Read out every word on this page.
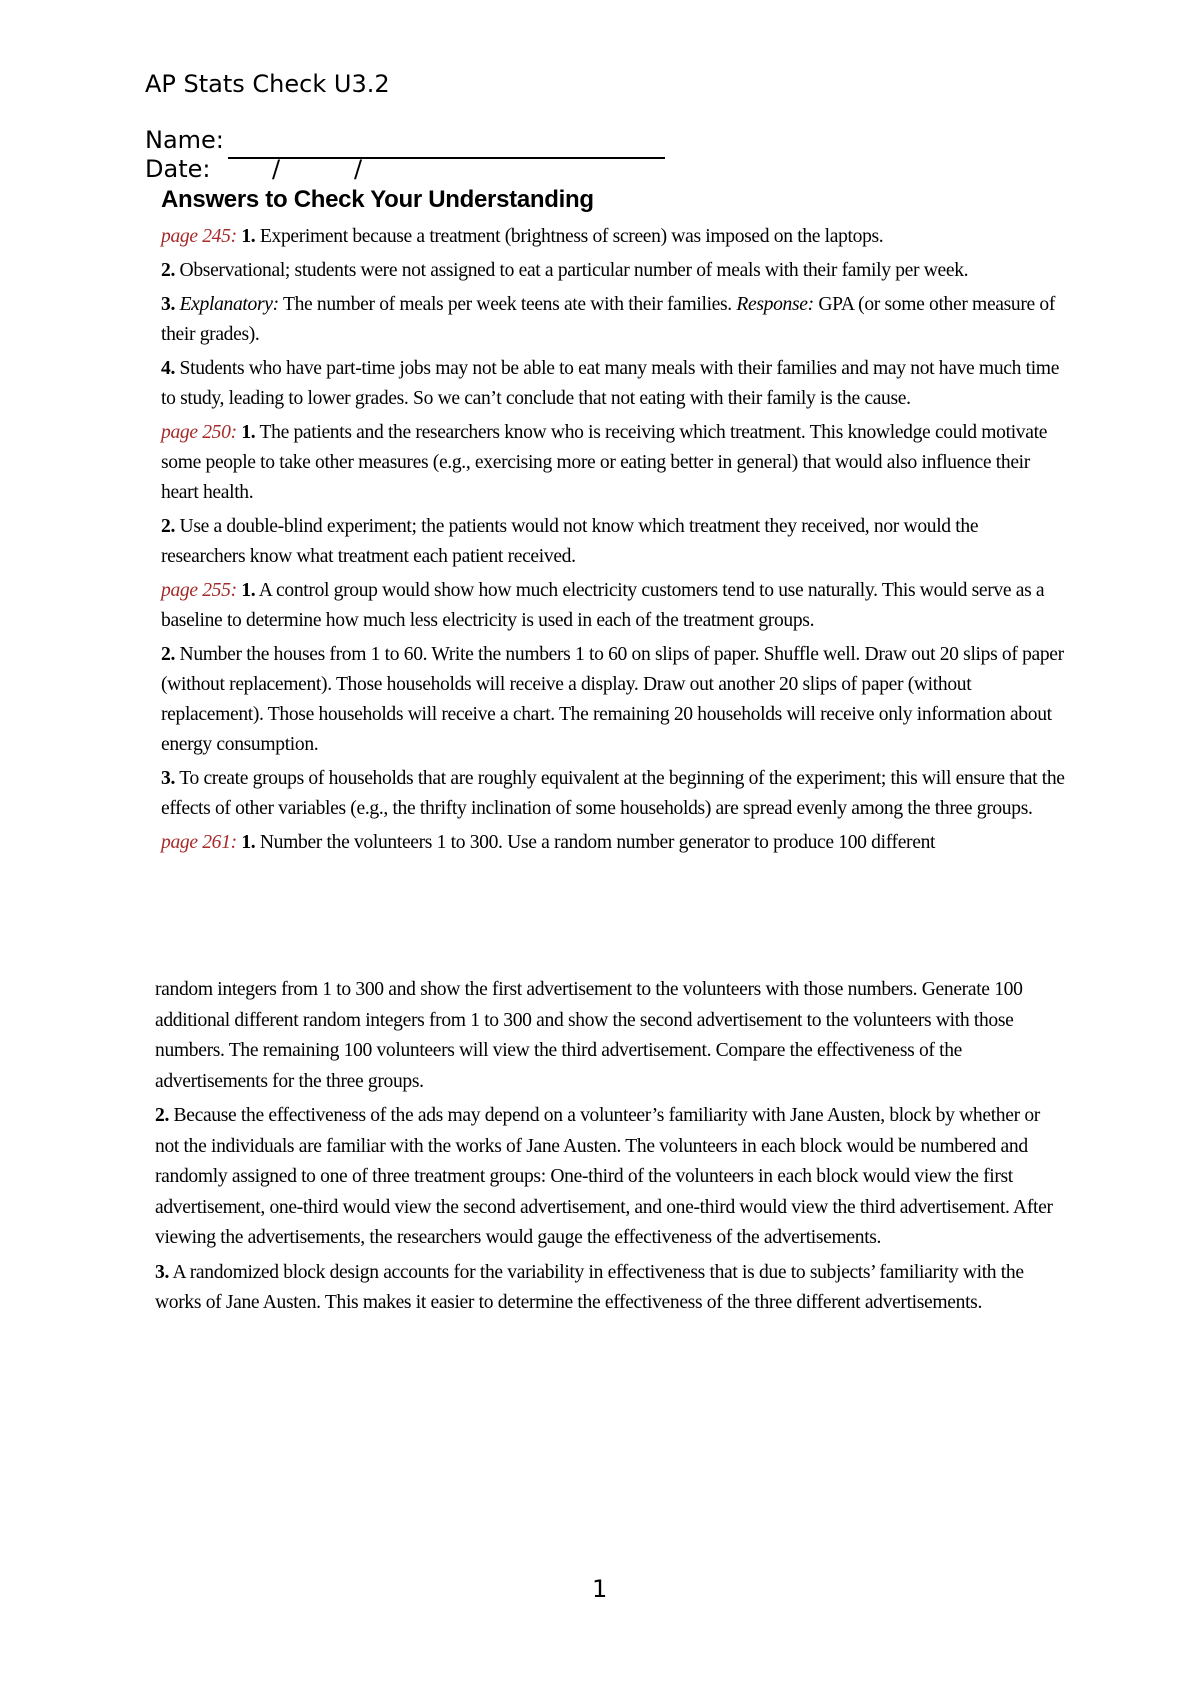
AP Stats Check U3.2
Name:
Date:	/	/
Answers to Check Your Understanding

page 245: 1. Experiment because a treatment (brightness of screen) was imposed on the laptops.

2. Observational; students were not assigned to eat a particular number of meals with their family per week.

3. Explanatory: The number of meals per week teens ate with their families. Response: GPA (or some other measure of their grades).

4. Students who have part-time jobs may not be able to eat many meals with their families and may not have much time to study, leading to lower grades. So we can’t conclude that not eating with their family is the cause.

page 250: 1. The patients and the researchers know who is receiving which treatment. This knowledge could motivate some people to take other measures (e.g., exercising more or eating better in general) that would also influence their heart health.

2. Use a double-blind experiment; the patients would not know which treatment they received, nor would the researchers know what treatment each patient received.

page 255: 1. A control group would show how much electricity customers tend to use naturally. This would serve as a baseline to determine how much less electricity is used in each of the treatment groups.

2. Number the houses from 1 to 60. Write the numbers 1 to 60 on slips of paper. Shuffle well. Draw out 20 slips of paper (without replacement). Those households will receive a display. Draw out another 20 slips of paper (without replacement). Those households will receive a chart. The remaining 20 households will receive only information about energy consumption.

3. To create groups of households that are roughly equivalent at the beginning of the experiment; this will ensure that the effects of other variables (e.g., the thrifty inclination of some households) are spread evenly among the three groups.

page 261: 1. Number the volunteers 1 to 300. Use a random number generator to produce 100 different

random integers from 1 to 300 and show the first advertisement to the volunteers with those numbers. Generate 100 additional different random integers from 1 to 300 and show the second advertisement to the volunteers with those numbers. The remaining 100 volunteers will view the third advertisement. Compare the effectiveness of the advertisements for the three groups.

2. Because the effectiveness of the ads may depend on a volunteer’s familiarity with Jane Austen, block by whether or not the individuals are familiar with the works of Jane Austen. The volunteers in each block would be numbered and randomly assigned to one of three treatment groups: One-third of the volunteers in each block would view the first advertisement, one-third would view the second advertisement, and one-third would view the third advertisement. After viewing the advertisements, the researchers would gauge the effectiveness of the advertisements.

3. A randomized block design accounts for the variability in effectiveness that is due to subjects’ familiarity with the works of Jane Austen. This makes it easier to determine the effectiveness of the three different advertisements.

1
